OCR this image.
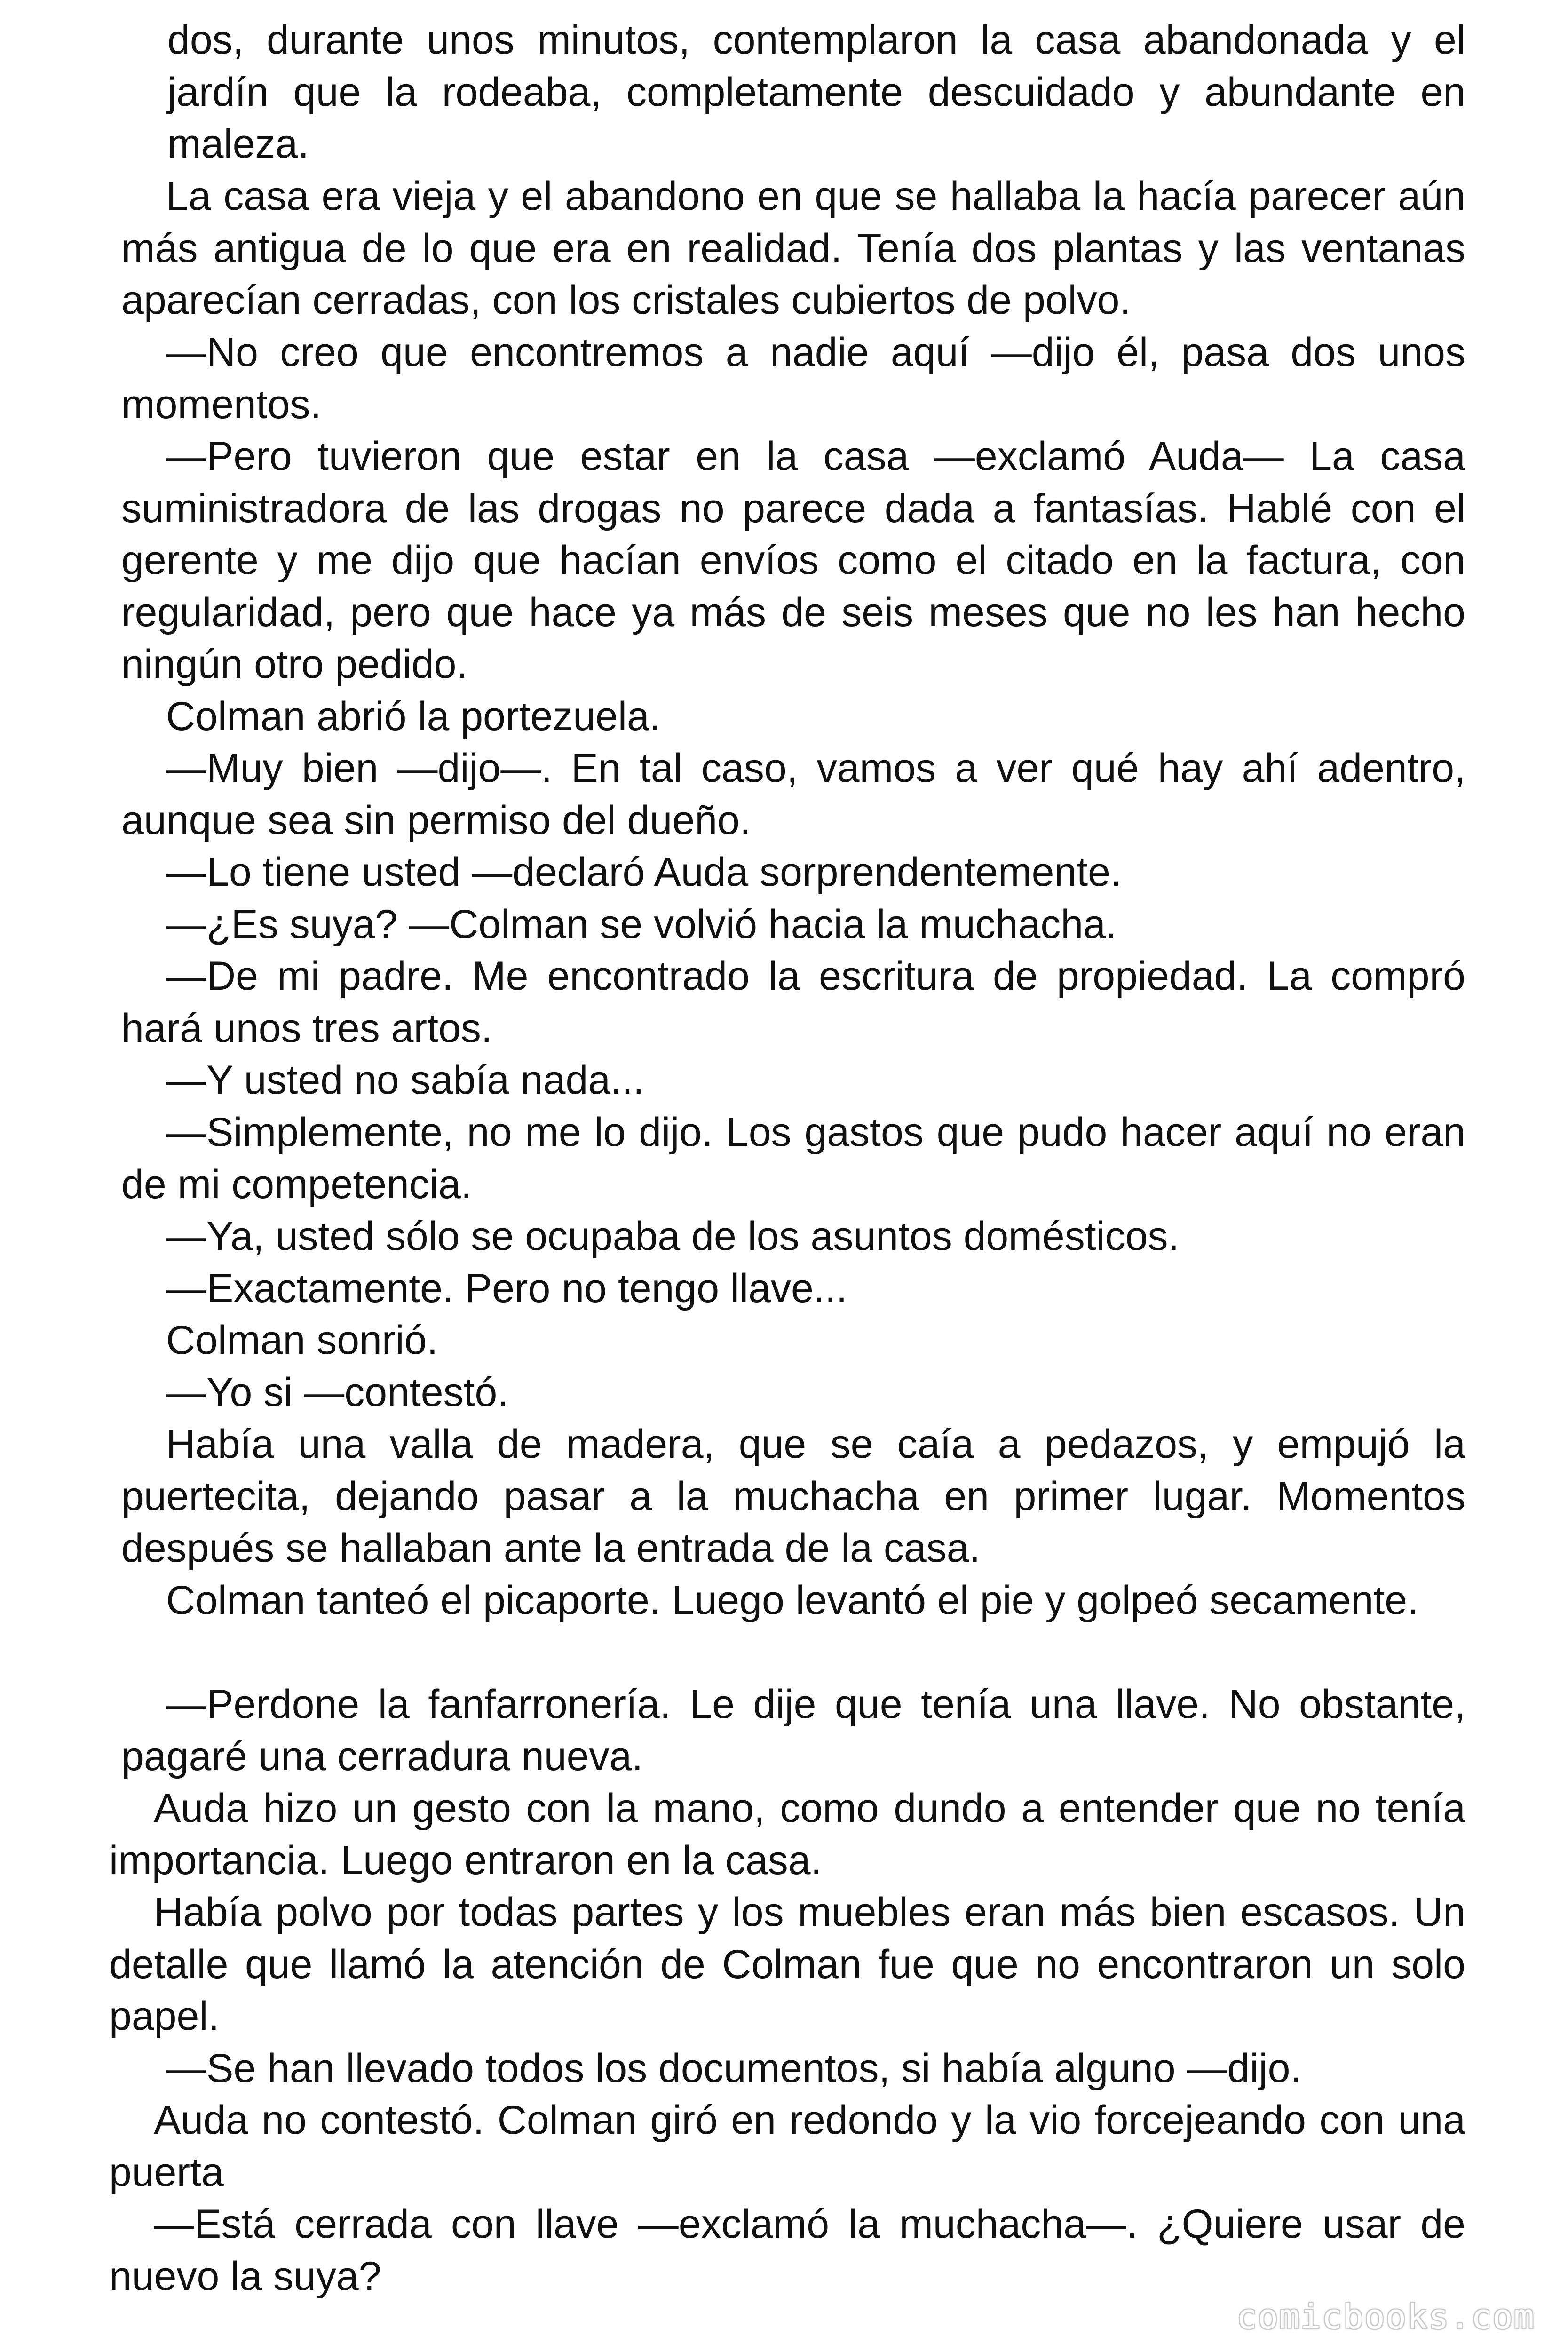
dos, durante unos minutos, contemplaron la casa abandonada y el jardín que la rodeaba, completamente descuidado y abundante en maleza.

La casa era vieja y el abandono en que se hallaba la hacía parecer aún más antigua de lo que era en realidad. Tenía dos plantas y las ventanas aparecían cerradas, con los cristales cubiertos de polvo.

—No creo que encontremos a nadie aquí —dijo él, pasa dos unos momentos.

—Pero tuvieron que estar en la casa —exclamó Auda— La casa suministradora de las drogas no parece dada a fantasías. Hablé con el gerente y me dijo que hacían envíos como el citado en la factura, con regularidad, pero que hace ya más de seis meses que no les han hecho ningún otro pedido.

Colman abrió la portezuela.

—Muy bien —dijo—. En tal caso, vamos a ver qué hay ahí adentro, aunque sea sin permiso del dueño.

—Lo tiene usted —declaró Auda sorprendentemente.

—¿Es suya? —Colman se volvió hacia la muchacha.

—De mi padre. Me encontrado la escritura de propiedad. La compró hará unos tres artos.

—Y usted no sabía nada...

—Simplemente, no me lo dijo. Los gastos que pudo hacer aquí no eran de mi competencia.

—Ya, usted sólo se ocupaba de los asuntos domésticos.

—Exactamente. Pero no tengo llave...

Colman sonrió.

—Yo si —contestó.

Había una valla de madera, que se caía a pedazos, y empujó la puertecita, dejando pasar a la muchacha en primer lugar. Momentos después se hallaban ante la entrada de la casa.

Colman tanteó el picaporte. Luego levantó el pie y golpeó secamente.

—Perdone la fanfarronería. Le dije que tenía una llave. No obstante, pagaré una cerradura nueva.

Auda hizo un gesto con la mano, como dundo a entender que no tenía importancia. Luego entraron en la casa.

Había polvo por todas partes y los muebles eran más bien escasos. Un detalle que llamó la atención de Colman fue que no encontraron un solo papel.

—Se han llevado todos los documentos, si había alguno —dijo.

Auda no contestó. Colman giró en redondo y la vio forcejeando con una puerta

—Está cerrada con llave —exclamó la muchacha—. ¿Quiere usar de nuevo la suya?

comicbooks.com
